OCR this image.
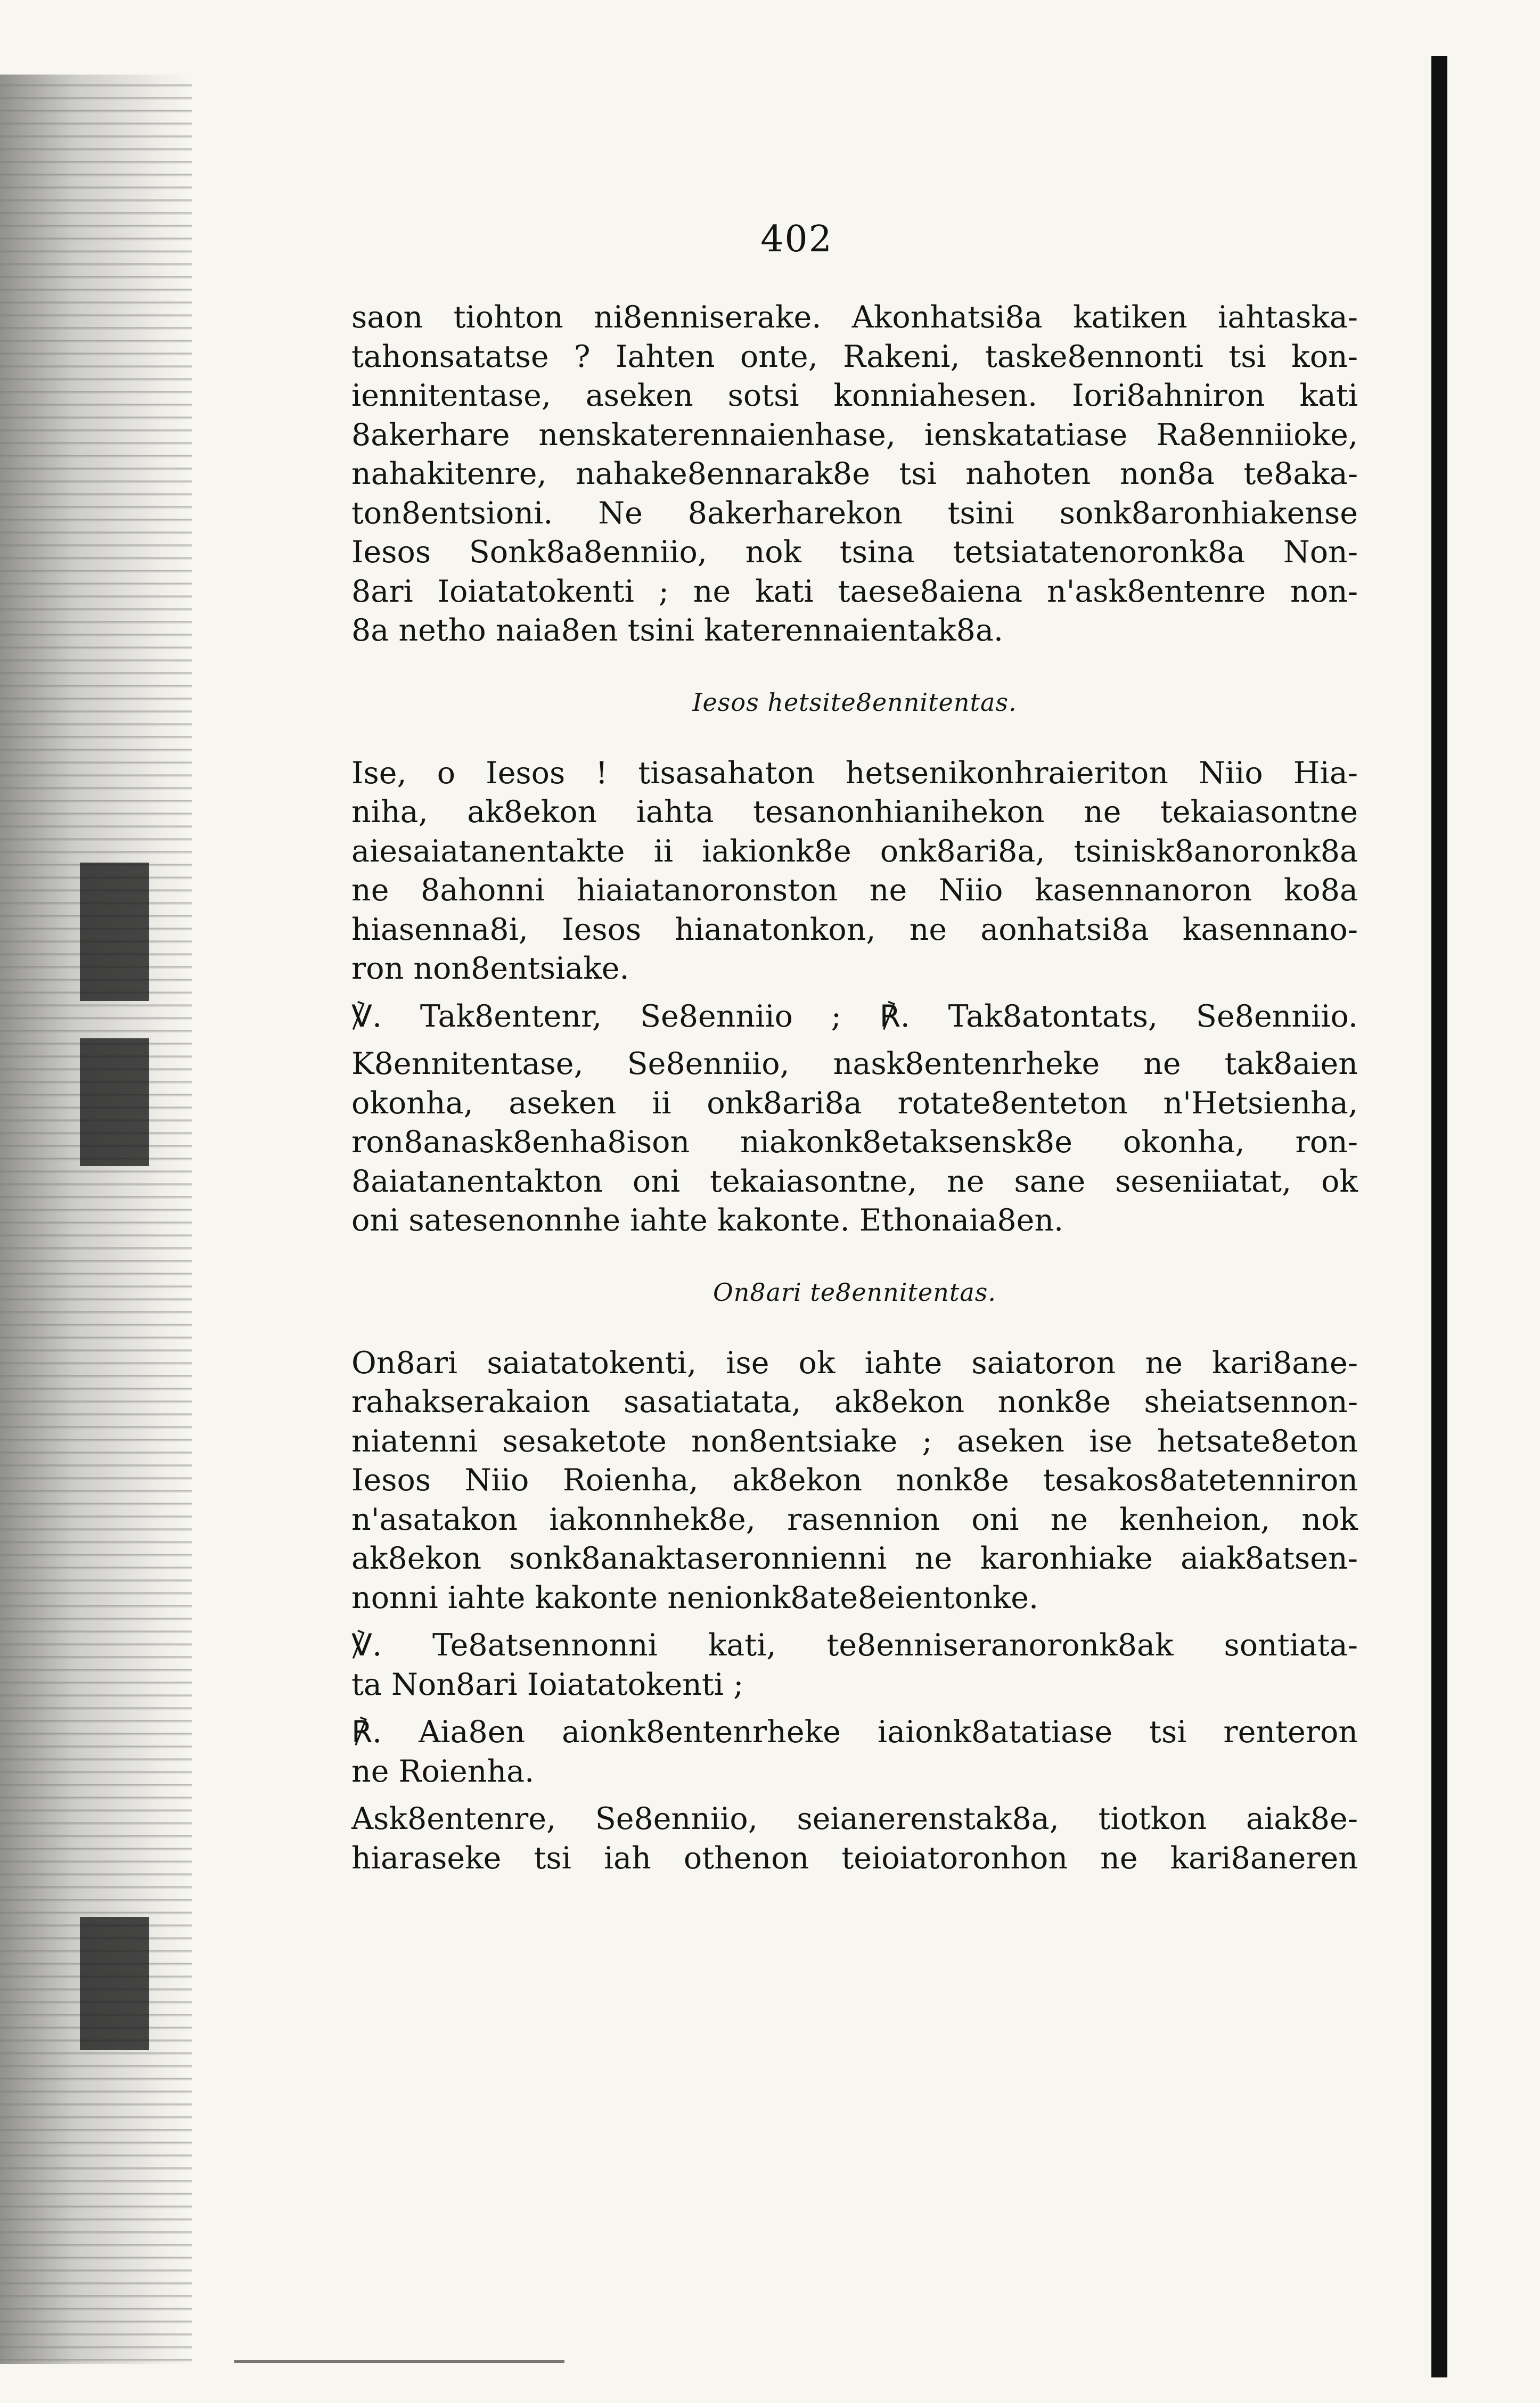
402

saon tiohton ni8enniserake. Akonhatsi8a katiken iahtaska-
tahonsatatse ? Iahten onte, Rakeni, taske8ennonti tsi kon-
iennitentase, aseken sotsi konniahesen. Iori8ahniron kati
8akerhare nenskaterennaienhase, ienskatatiase Ra8enniioke,
nahakitenre, nahake8ennarak8e tsi nahoten non8a te8aka-
ton8entsioni. Ne 8akerharekon tsini sonk8aronhiakense
Iesos Sonk8a8enniio, nok tsina tetsiatatenoronk8a Non-
8ari Ioiatatokenti ; ne kati taese8aiena n'ask8entenre non-
8a netho naia8en tsini katerennaientak8a.

Iesos hetsite8ennitentas.

Ise, o Iesos ! tisasahaton hetsenikonhraieriton Niio Hia-
niha, ak8ekon iahta tesanonhianihekon ne tekaiasontne
aiesaiatanentakte ii iakionk8e onk8ari8a, tsinisk8anoronk8a
ne 8ahonni hiaiatanoronston ne Niio kasennanoron ko8a
hiasenna8i, Iesos hianatonkon, ne aonhatsi8a kasennano-
ron non8entsiake.

℣. Tak8entenr, Se8enniio ; ℟. Tak8atontats, Se8enniio.

K8ennitentase, Se8enniio, nask8entenrheke ne tak8aien
okonha, aseken ii onk8ari8a rotate8enteton n'Hetsienha,
ron8anask8enha8ison niakonk8etaksensk8e okonha, ron-
8aiatanentakton oni tekaiasontne, ne sane seseniiatat, ok
oni satesenonnhe iahte kakonte. Ethonaia8en.

On8ari te8ennitentas.

On8ari saiatatokenti, ise ok iahte saiatoron ne kari8ane-
rahakserakaion sasatiatata, ak8ekon nonk8e sheiatsennon-
niatenni sesaketote non8entsiake ; aseken ise hetsate8eton
Iesos Niio Roienha, ak8ekon nonk8e tesakos8atetenniron
n'asatakon iakonnhek8e, rasennion oni ne kenheion, nok
ak8ekon sonk8anaktaseronnienni ne karonhiake aiak8atsen-
nonni iahte kakonte nenionk8ate8eientonke.

℣. Te8atsennonni kati, te8enniseranoronk8ak sontiata-
ta Non8ari Ioiatatokenti ;

℟. Aia8en aionk8entenrheke iaionk8atatiase tsi renteron
ne Roienha.

Ask8entenre, Se8enniio, seianerenstak8a, tiotkon aiak8e-
hiaraseke tsi iah othenon teioiatoronhon ne kari8aneren
